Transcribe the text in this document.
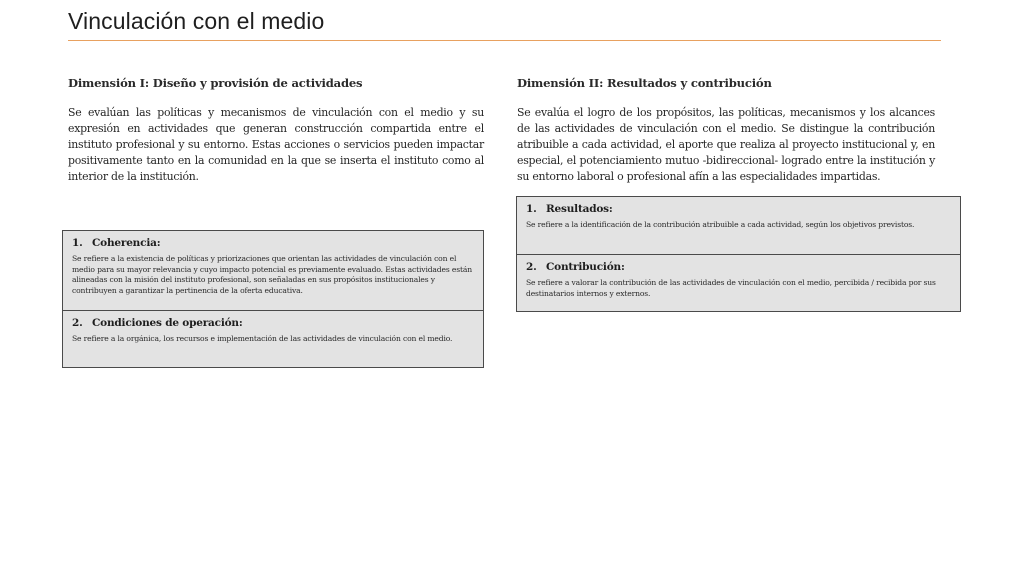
Vinculación con el medio
Dimensión I: Diseño y provisión de actividades

Se evalúan las políticas y mecanismos de vinculación con el medio y su expresión en actividades que generan construcción compartida entre el instituto profesional y su entorno. Estas acciones o servicios pueden impactar positivamente tanto en la comunidad en la que se inserta el instituto como al interior de la institución.

Dimensión II: Resultados y contribución

Se evalúa el logro de los propósitos, las políticas, mecanismos y los alcances de las actividades de vinculación con el medio. Se distingue la contribución atribuible a cada actividad, el aporte que realiza al proyecto institucional y, en especial, el potenciamiento mutuo -bidireccional- logrado entre la institución y su entorno laboral o profesional afín a las especialidades impartidas.

1. Coherencia:

Se refiere a la existencia de políticas y priorizaciones que orientan las actividades de vinculación con el medio para su mayor relevancia y cuyo impacto potencial es previamente evaluado. Estas actividades están alineadas con la misión del instituto profesional, son señaladas en sus propósitos institucionales y contribuyen a garantizar la pertinencia de la oferta educativa.

2. Condiciones de operación:

Se refiere a la orgánica, los recursos e implementación de las actividades de vinculación con el medio.

1. Resultados:

Se refiere a la identificación de la contribución atribuible a cada actividad, según los objetivos previstos.

2. Contribución:

Se refiere a valorar la contribución de las actividades de vinculación con el medio, percibida / recibida por sus destinatarios internos y externos.
